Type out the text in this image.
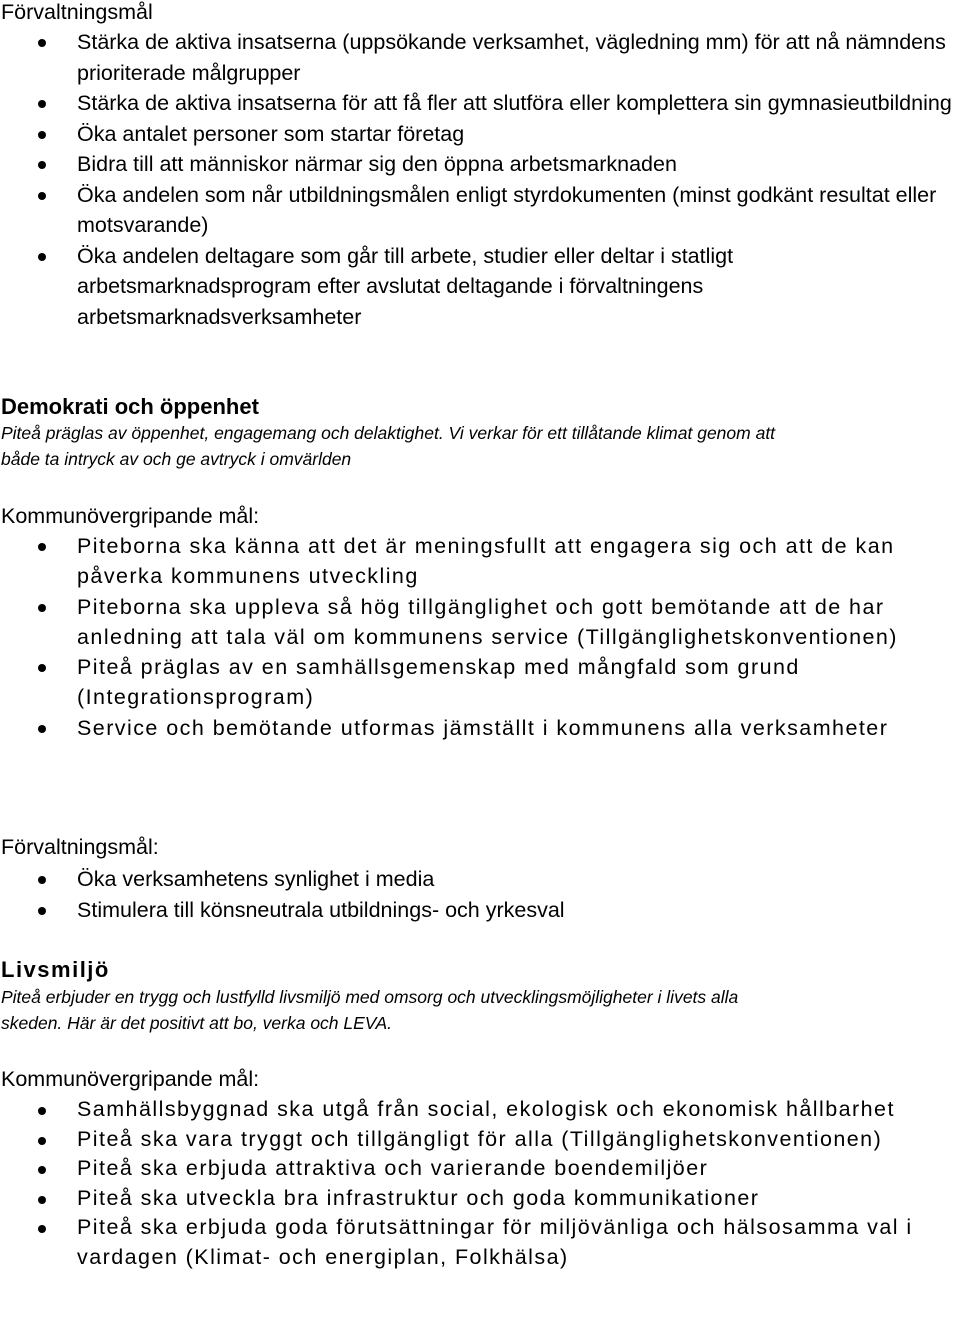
Förvaltningsmål
Stärka de aktiva insatserna (uppsökande verksamhet, vägledning mm) för att nå nämndens prioriterade målgrupper
Stärka de aktiva insatserna för att få fler att slutföra eller komplettera sin gymnasieutbildning
Öka antalet personer som startar företag
Bidra till att människor närmar sig den öppna arbetsmarknaden
Öka andelen som når utbildningsmålen enligt styrdokumenten (minst godkänt resultat eller motsvarande)
Öka andelen deltagare som går till arbete, studier eller deltar i statligt arbetsmarknadsprogram efter avslutat deltagande i förvaltningens arbetsmarknadsverksamheter
Demokrati och öppenhet
Piteå präglas av öppenhet, engagemang och delaktighet. Vi verkar för ett tillåtande klimat genom att
både ta intryck av och ge avtryck i omvärlden
Kommunövergripande mål:
Piteborna ska känna att det är meningsfullt att engagera sig och att de kan påverka kommunens utveckling
Piteborna ska uppleva så hög tillgänglighet och gott bemötande att de har anledning att tala väl om kommunens service (Tillgänglighetskonventionen)
Piteå präglas av en samhällsgemenskap med mångfald som grund (Integrationsprogram)
Service och bemötande utformas jämställt i kommunens alla verksamheter
Förvaltningsmål:
Öka verksamhetens synlighet i media
Stimulera till könsneutrala utbildnings- och yrkesval
Livsmiljö
Piteå erbjuder en trygg och lustfylld livsmiljö med omsorg och utvecklingsmöjligheter i livets alla
skeden. Här är det positivt att bo, verka och LEVA.
Kommunövergripande mål:
Samhällsbyggnad ska utgå från social, ekologisk och ekonomisk hållbarhet
Piteå ska vara tryggt och tillgängligt för alla (Tillgänglighetskonventionen)
Piteå ska erbjuda attraktiva och varierande boendemiljöer
Piteå ska utveckla bra infrastruktur och goda kommunikationer
Piteå ska erbjuda goda förutsättningar för miljövänliga och hälsosamma val i vardagen (Klimat- och energiplan, Folkhälsa)
